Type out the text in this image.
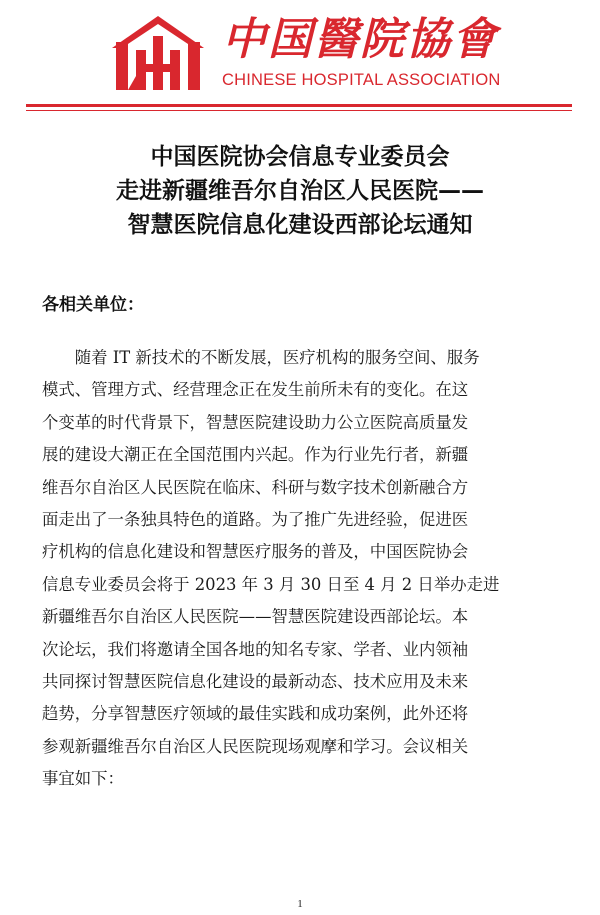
中国醫院協會
CHINESE HOSPITAL ASSOCIATION
中国医院协会信息专业委员会
走进新疆维吾尔自治区人民医院——
智慧医院信息化建设西部论坛通知
各相关单位：
　　随着 IT 新技术的不断发展，医疗机构的服务空间、服务
模式、管理方式、经营理念正在发生前所未有的变化。在这
个变革的时代背景下，智慧医院建设助力公立医院高质量发
展的建设大潮正在全国范围内兴起。作为行业先行者，新疆
维吾尔自治区人民医院在临床、科研与数字技术创新融合方
面走出了一条独具特色的道路。为了推广先进经验，促进医
疗机构的信息化建设和智慧医疗服务的普及，中国医院协会
信息专业委员会将于 2023 年 3 月 30 日至 4 月 2 日举办走进
新疆维吾尔自治区人民医院——智慧医院建设西部论坛。本
次论坛，我们将邀请全国各地的知名专家、学者、业内领袖
共同探讨智慧医院信息化建设的最新动态、技术应用及未来
趋势，分享智慧医疗领域的最佳实践和成功案例，此外还将
参观新疆维吾尔自治区人民医院现场观摩和学习。会议相关
事宜如下：
1
